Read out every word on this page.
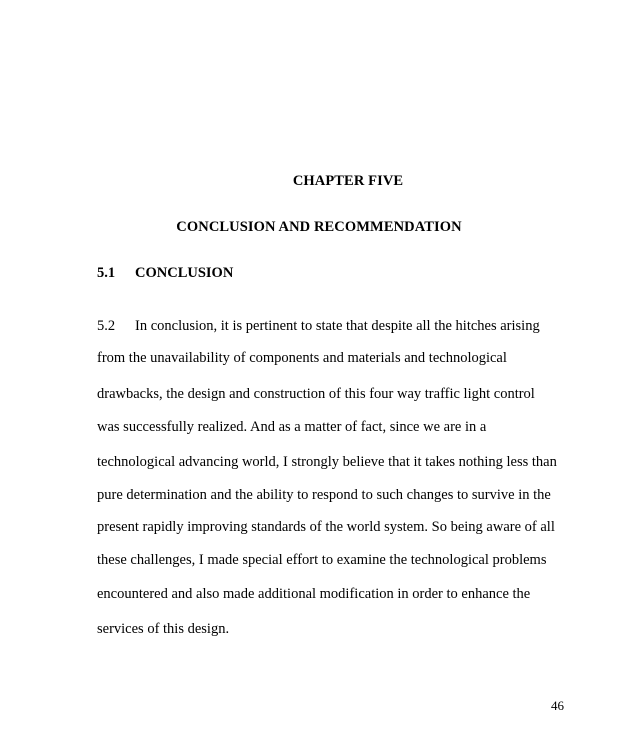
CHAPTER FIVE
CONCLUSION AND RECOMMENDATION
5.1 CONCLUSION
5.2 In conclusion, it is pertinent to state that despite all the hitches arising
from the unavailability of components and materials and technological
drawbacks, the design and construction of this four way traffic light control
was successfully realized. And as a matter of fact, since we are in a
technological advancing world, I strongly believe that it takes nothing less than
pure determination and the ability to respond to such changes to survive in the
present rapidly improving standards of the world system. So being aware of all
these challenges, I made special effort to examine the technological problems
encountered and also made additional modification in order to enhance the
services of this design.
46
